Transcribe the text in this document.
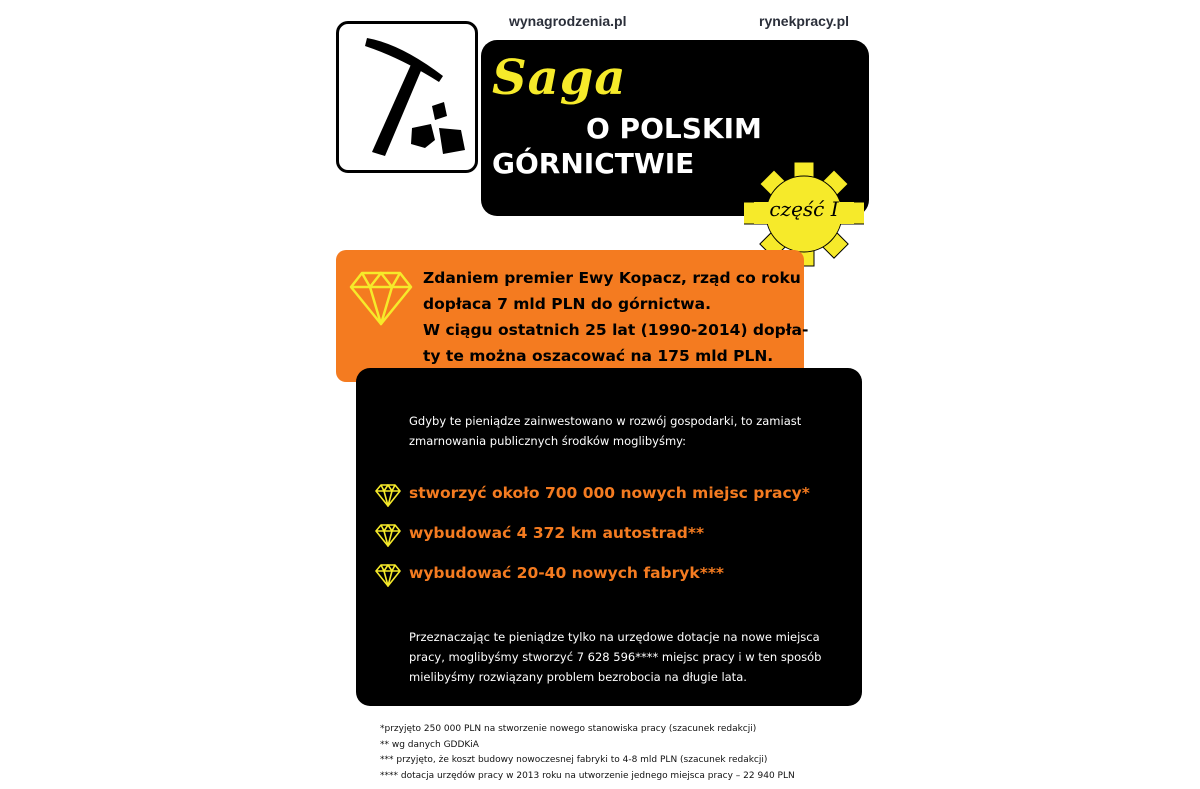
wynagrodzenia.pl	rynekpracy.pl
Saga
O POLSKIM
GÓRNICTWIE
część I
Zdaniem premier Ewy Kopacz, rząd co roku
dopłaca 7 mld PLN do górnictwa.
W ciągu ostatnich 25 lat (1990-2014) dopła-
ty te można oszacować na 175 mld PLN.
Gdyby te pieniądze zainwestowano w rozwój gospodarki, to zamiast
zmarnowania publicznych środków moglibyśmy:
stworzyć około 700 000 nowych miejsc pracy*
wybudować 4 372 km autostrad**
wybudować 20-40 nowych fabryk***
Przeznaczając te pieniądze tylko na urzędowe dotacje na nowe miejsca
pracy, moglibyśmy stworzyć 7 628 596**** miejsc pracy i w ten sposób
mielibyśmy rozwiązany problem bezrobocia na długie lata.
*przyjęto 250 000 PLN na stworzenie nowego stanowiska pracy (szacunek redakcji)
** wg danych GDDKiA
*** przyjęto, że koszt budowy nowoczesnej fabryki to 4-8 mld PLN (szacunek redakcji)
**** dotacja urzędów pracy w 2013 roku na utworzenie jednego miejsca pracy – 22 940 PLN
